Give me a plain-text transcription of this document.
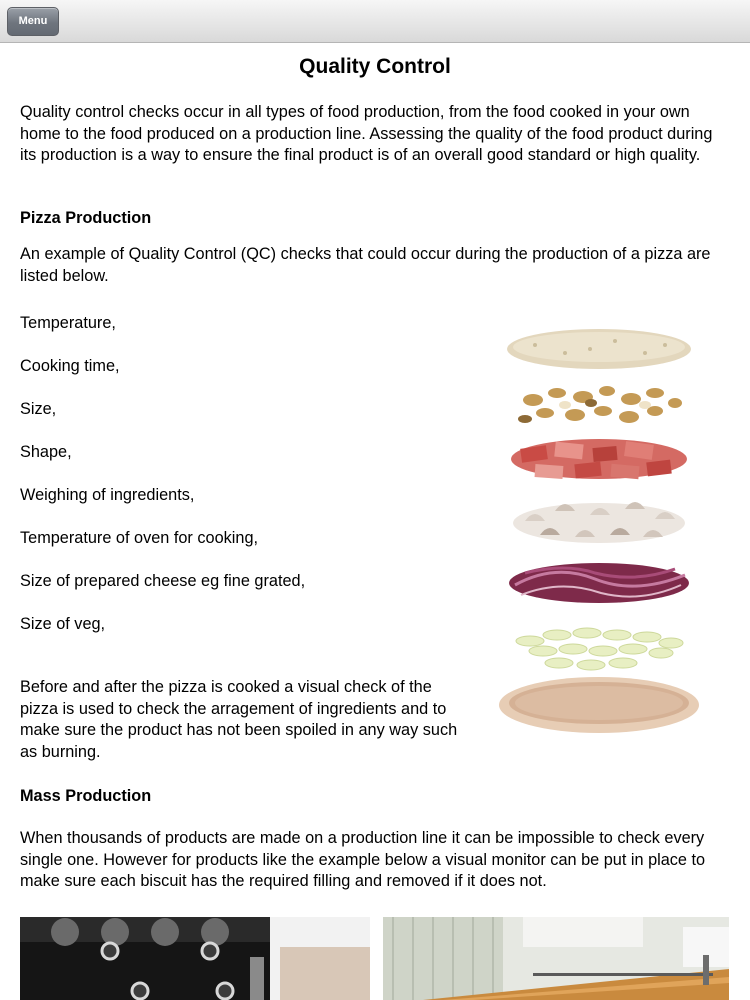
Menu
Quality Control

Quality control checks occur in all types of food production, from the food cooked in your own home to the food produced on a production line. Assessing the quality of the food product during its production is a way to ensure the final product is of an overall good standard or high quality.

Pizza Production

An example of Quality Control (QC) checks that could occur during the production of a pizza are listed below.

Temperature,

Cooking time,

Size,

Shape,

Weighing of ingredients,

Temperature of oven for cooking,

Size of prepared cheese eg fine grated,

Size of veg,

Before and after the pizza is cooked a visual check of the pizza is used to check the arragement of ingredients and to make sure the product has not been spoiled in any way such as burning.

Mass Production

When thousands of products are made on a production line it can be impossible to check every single one. However for products like the example below a visual monitor can be put in place to make sure each biscuit has the required filling and removed if it does not.
